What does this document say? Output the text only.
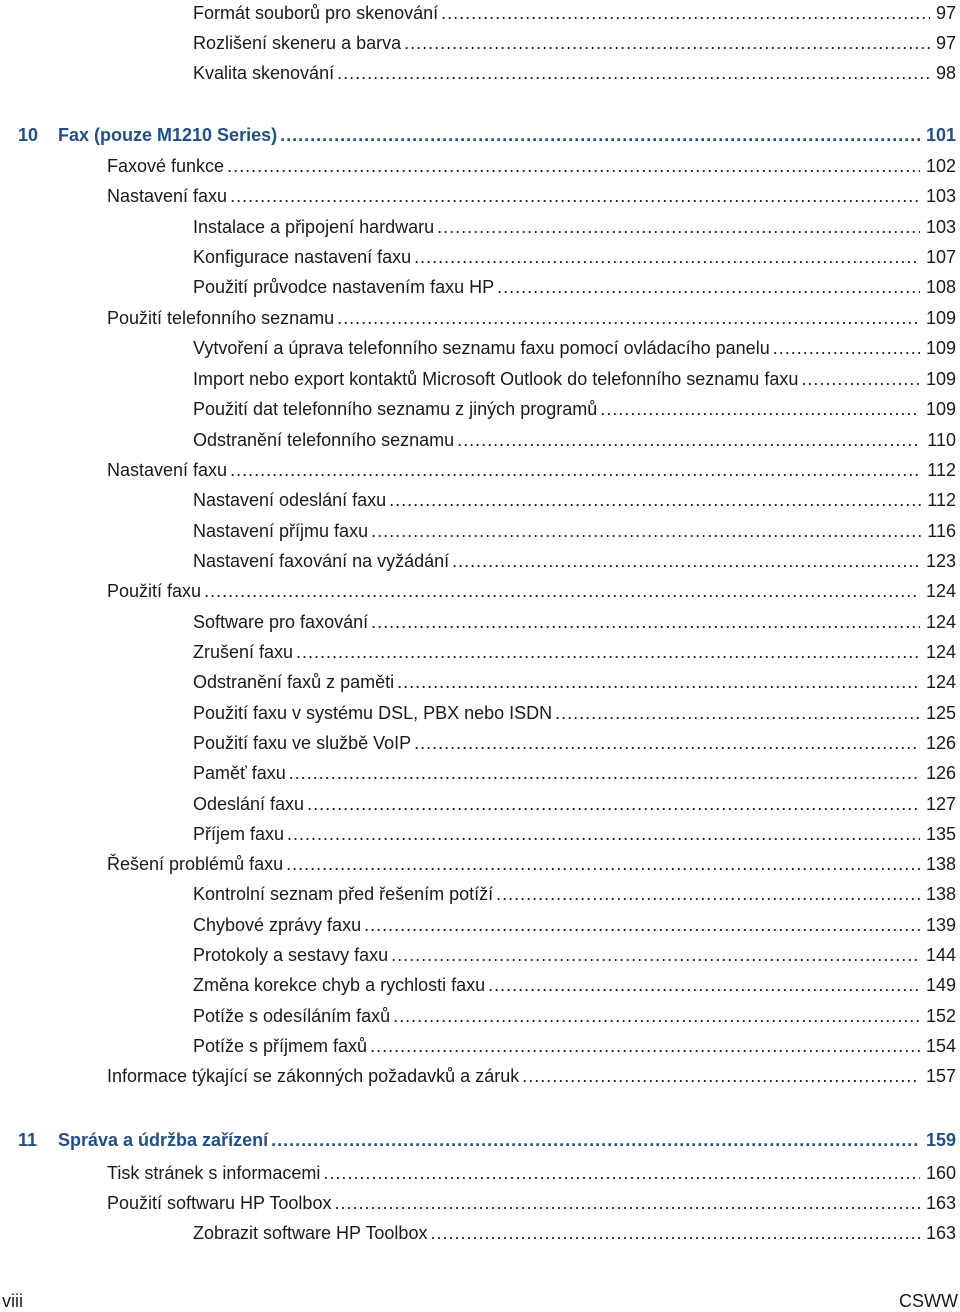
Formát souborů pro skenování . . .	97
Rozlišení skeneru a barva . . .	97
Kvalita skenování . . .	98
10 Fax (pouze M1210 Series) . . .	101
Faxové funkce . . .	102
Nastavení faxu . . .	103
Instalace a připojení hardwaru . . .	103
Konfigurace nastavení faxu . . .	107
Použití průvodce nastavením faxu HP . . .	108
Použití telefonního seznamu . . .	109
Vytvoření a úprava telefonního seznamu faxu pomocí ovládacího panelu . . .	109
Import nebo export kontaktů Microsoft Outlook do telefonního seznamu faxu . . .	109
Použití dat telefonního seznamu z jiných programů . . .	109
Odstranění telefonního seznamu . . .	110
Nastavení faxu . . .	112
Nastavení odeslání faxu . . .	112
Nastavení příjmu faxu . . .	116
Nastavení faxování na vyžádání . . .	123
Použití faxu . . .	124
Software pro faxování . . .	124
Zrušení faxu . . .	124
Odstranění faxů z paměti . . .	124
Použití faxu v systému DSL, PBX nebo ISDN . . .	125
Použití faxu ve službě VoIP . . .	126
Paměť faxu . . .	126
Odeslání faxu . . .	127
Příjem faxu . . .	135
Řešení problémů faxu . . .	138
Kontrolní seznam před řešením potíží . . .	138
Chybové zprávy faxu . . .	139
Protokoly a sestavy faxu . . .	144
Změna korekce chyb a rychlosti faxu . . .	149
Potíže s odesíláním faxů . . .	152
Potíže s příjmem faxů . . .	154
Informace týkající se zákonných požadavků a záruk . . .	157
11 Správa a údržba zařízení . . .	159
Tisk stránek s informacemi . . .	160
Použití softwaru HP Toolbox . . .	163
Zobrazit software HP Toolbox . . .	163
viii	CSWW
